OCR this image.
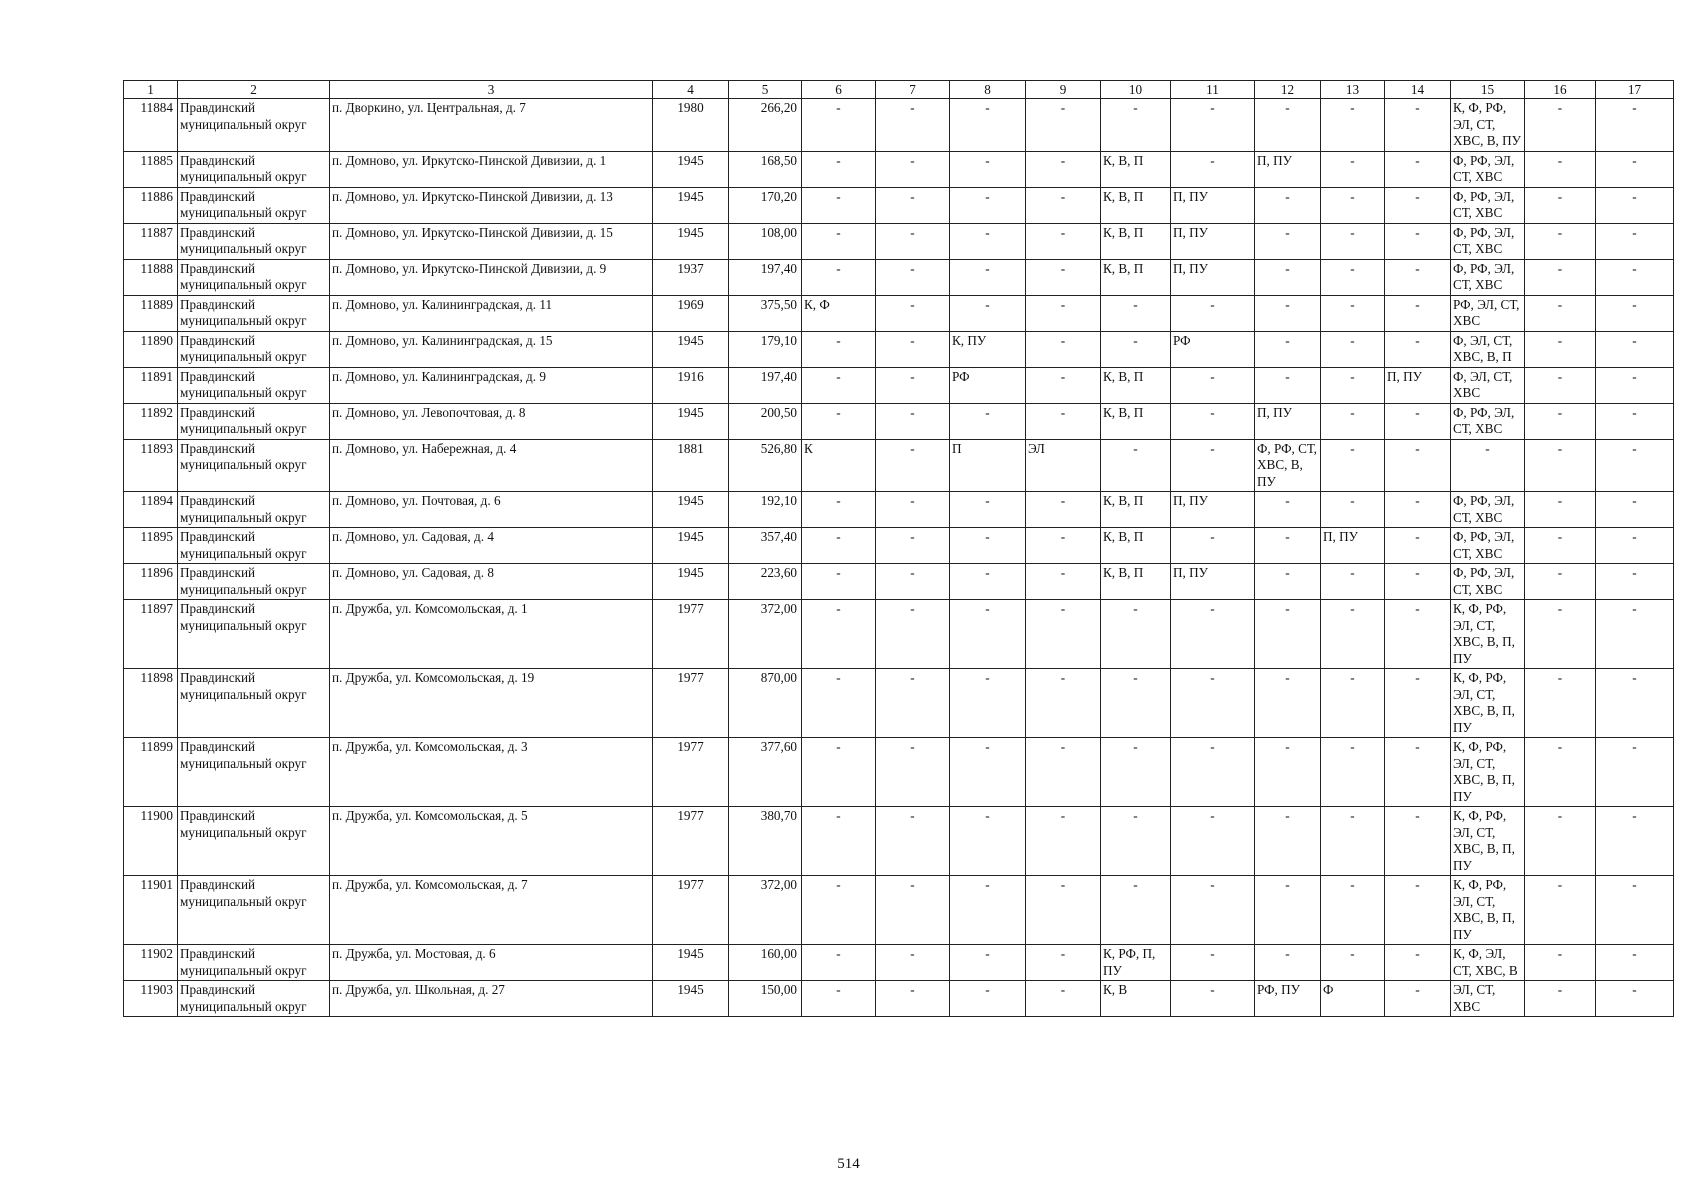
1	2	3	4	5	6	7	8	9	10	11	12	13	14	15	16	17
11884	Правдинский муниципальный округ	п. Дворкино, ул. Центральная, д. 7	1980	266,20	-	-	-	-	-	-	-	-	-	К, Ф, РФ, ЭЛ, СТ, ХВС, В, ПУ	-	-
11885	Правдинский муниципальный округ	п. Домново, ул. Иркутско-Пинской Дивизии, д. 1	1945	168,50	-	-	-	-	К, В, П	-	П, ПУ	-	-	Ф, РФ, ЭЛ, СТ, ХВС	-	-
11886	Правдинский муниципальный округ	п. Домново, ул. Иркутско-Пинской Дивизии, д. 13	1945	170,20	-	-	-	-	К, В, П	П, ПУ	-	-	-	Ф, РФ, ЭЛ, СТ, ХВС	-	-
11887	Правдинский муниципальный округ	п. Домново, ул. Иркутско-Пинской Дивизии, д. 15	1945	108,00	-	-	-	-	К, В, П	П, ПУ	-	-	-	Ф, РФ, ЭЛ, СТ, ХВС	-	-
11888	Правдинский муниципальный округ	п. Домново, ул. Иркутско-Пинской Дивизии, д. 9	1937	197,40	-	-	-	-	К, В, П	П, ПУ	-	-	-	Ф, РФ, ЭЛ, СТ, ХВС	-	-
11889	Правдинский муниципальный округ	п. Домново, ул. Калининградская, д. 11	1969	375,50	К, Ф	-	-	-	-	-	-	-	-	РФ, ЭЛ, СТ, ХВС	-	-
11890	Правдинский муниципальный округ	п. Домново, ул. Калининградская, д. 15	1945	179,10	-	-	К, ПУ	-	-	РФ	-	-	-	Ф, ЭЛ, СТ, ХВС, В, П	-	-
11891	Правдинский муниципальный округ	п. Домново, ул. Калининградская, д. 9	1916	197,40	-	-	РФ	-	К, В, П	-	-	-	П, ПУ	Ф, ЭЛ, СТ, ХВС	-	-
11892	Правдинский муниципальный округ	п. Домново, ул. Левопочтовая, д. 8	1945	200,50	-	-	-	-	К, В, П	-	П, ПУ	-	-	Ф, РФ, ЭЛ, СТ, ХВС	-	-
11893	Правдинский муниципальный округ	п. Домново, ул. Набережная, д. 4	1881	526,80	К	-	П	ЭЛ	-	-	Ф, РФ, СТ, ХВС, В, ПУ	-	-	-	-	-
11894	Правдинский муниципальный округ	п. Домново, ул. Почтовая, д. 6	1945	192,10	-	-	-	-	К, В, П	П, ПУ	-	-	-	Ф, РФ, ЭЛ, СТ, ХВС	-	-
11895	Правдинский муниципальный округ	п. Домново, ул. Садовая, д. 4	1945	357,40	-	-	-	-	К, В, П	-	-	П, ПУ	-	Ф, РФ, ЭЛ, СТ, ХВС	-	-
11896	Правдинский муниципальный округ	п. Домново, ул. Садовая, д. 8	1945	223,60	-	-	-	-	К, В, П	П, ПУ	-	-	-	Ф, РФ, ЭЛ, СТ, ХВС	-	-
11897	Правдинский муниципальный округ	п. Дружба, ул. Комсомольская, д. 1	1977	372,00	-	-	-	-	-	-	-	-	-	К, Ф, РФ, ЭЛ, СТ, ХВС, В, П, ПУ	-	-
11898	Правдинский муниципальный округ	п. Дружба, ул. Комсомольская, д. 19	1977	870,00	-	-	-	-	-	-	-	-	-	К, Ф, РФ, ЭЛ, СТ, ХВС, В, П, ПУ	-	-
11899	Правдинский муниципальный округ	п. Дружба, ул. Комсомольская, д. 3	1977	377,60	-	-	-	-	-	-	-	-	-	К, Ф, РФ, ЭЛ, СТ, ХВС, В, П, ПУ	-	-
11900	Правдинский муниципальный округ	п. Дружба, ул. Комсомольская, д. 5	1977	380,70	-	-	-	-	-	-	-	-	-	К, Ф, РФ, ЭЛ, СТ, ХВС, В, П, ПУ	-	-
11901	Правдинский муниципальный округ	п. Дружба, ул. Комсомольская, д. 7	1977	372,00	-	-	-	-	-	-	-	-	-	К, Ф, РФ, ЭЛ, СТ, ХВС, В, П, ПУ	-	-
11902	Правдинский муниципальный округ	п. Дружба, ул. Мостовая, д. 6	1945	160,00	-	-	-	-	К, РФ, П, ПУ	-	-	-	-	К, Ф, ЭЛ, СТ, ХВС, В	-	-
11903	Правдинский муниципальный округ	п. Дружба, ул. Школьная, д. 27	1945	150,00	-	-	-	-	К, В	-	РФ, ПУ	Ф	-	ЭЛ, СТ, ХВС	-	-
514
